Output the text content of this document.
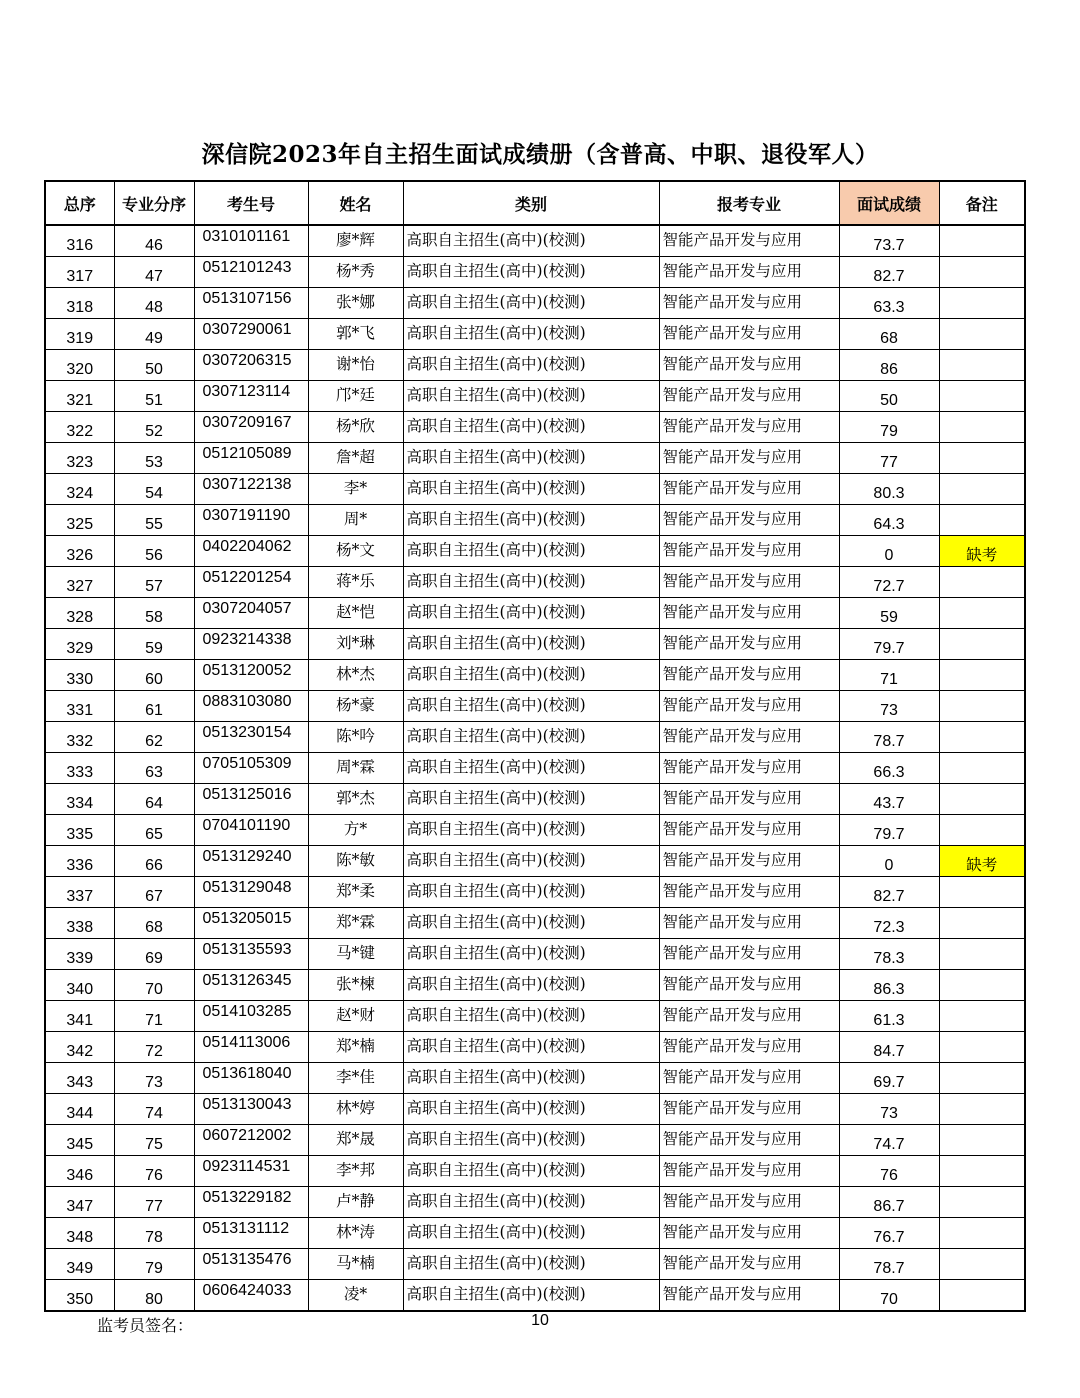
深信院2023年自主招生面试成绩册（含普高、中职、退役军人）
总序	专业分序	考生号	姓名	类别	报考专业	面试成绩	备注
316	46	0310101161	廖*辉	高职自主招生(高中)(校测)	智能产品开发与应用	73.7	
317	47	0512101243	杨*秀	高职自主招生(高中)(校测)	智能产品开发与应用	82.7	
318	48	0513107156	张*娜	高职自主招生(高中)(校测)	智能产品开发与应用	63.3	
319	49	0307290061	郭*飞	高职自主招生(高中)(校测)	智能产品开发与应用	68	
320	50	0307206315	谢*怡	高职自主招生(高中)(校测)	智能产品开发与应用	86	
321	51	0307123114	邝*廷	高职自主招生(高中)(校测)	智能产品开发与应用	50	
322	52	0307209167	杨*欣	高职自主招生(高中)(校测)	智能产品开发与应用	79	
323	53	0512105089	詹*超	高职自主招生(高中)(校测)	智能产品开发与应用	77	
324	54	0307122138	李*	高职自主招生(高中)(校测)	智能产品开发与应用	80.3	
325	55	0307191190	周*	高职自主招生(高中)(校测)	智能产品开发与应用	64.3	
326	56	0402204062	杨*文	高职自主招生(高中)(校测)	智能产品开发与应用	0	缺考
327	57	0512201254	蒋*乐	高职自主招生(高中)(校测)	智能产品开发与应用	72.7	
328	58	0307204057	赵*恺	高职自主招生(高中)(校测)	智能产品开发与应用	59	
329	59	0923214338	刘*琳	高职自主招生(高中)(校测)	智能产品开发与应用	79.7	
330	60	0513120052	林*杰	高职自主招生(高中)(校测)	智能产品开发与应用	71	
331	61	0883103080	杨*豪	高职自主招生(高中)(校测)	智能产品开发与应用	73	
332	62	0513230154	陈*吟	高职自主招生(高中)(校测)	智能产品开发与应用	78.7	
333	63	0705105309	周*霖	高职自主招生(高中)(校测)	智能产品开发与应用	66.3	
334	64	0513125016	郭*杰	高职自主招生(高中)(校测)	智能产品开发与应用	43.7	
335	65	0704101190	方*	高职自主招生(高中)(校测)	智能产品开发与应用	79.7	
336	66	0513129240	陈*敏	高职自主招生(高中)(校测)	智能产品开发与应用	0	缺考
337	67	0513129048	郑*柔	高职自主招生(高中)(校测)	智能产品开发与应用	82.7	
338	68	0513205015	郑*霖	高职自主招生(高中)(校测)	智能产品开发与应用	72.3	
339	69	0513135593	马*键	高职自主招生(高中)(校测)	智能产品开发与应用	78.3	
340	70	0513126345	张*楝	高职自主招生(高中)(校测)	智能产品开发与应用	86.3	
341	71	0514103285	赵*财	高职自主招生(高中)(校测)	智能产品开发与应用	61.3	
342	72	0514113006	郑*楠	高职自主招生(高中)(校测)	智能产品开发与应用	84.7	
343	73	0513618040	李*佳	高职自主招生(高中)(校测)	智能产品开发与应用	69.7	
344	74	0513130043	林*婷	高职自主招生(高中)(校测)	智能产品开发与应用	73	
345	75	0607212002	郑*晟	高职自主招生(高中)(校测)	智能产品开发与应用	74.7	
346	76	0923114531	李*邦	高职自主招生(高中)(校测)	智能产品开发与应用	76	
347	77	0513229182	卢*静	高职自主招生(高中)(校测)	智能产品开发与应用	86.7	
348	78	0513131112	林*涛	高职自主招生(高中)(校测)	智能产品开发与应用	76.7	
349	79	0513135476	马*楠	高职自主招生(高中)(校测)	智能产品开发与应用	78.7	
350	80	0606424033	凌*	高职自主招生(高中)(校测)	智能产品开发与应用	70	
监考员签名：	10
